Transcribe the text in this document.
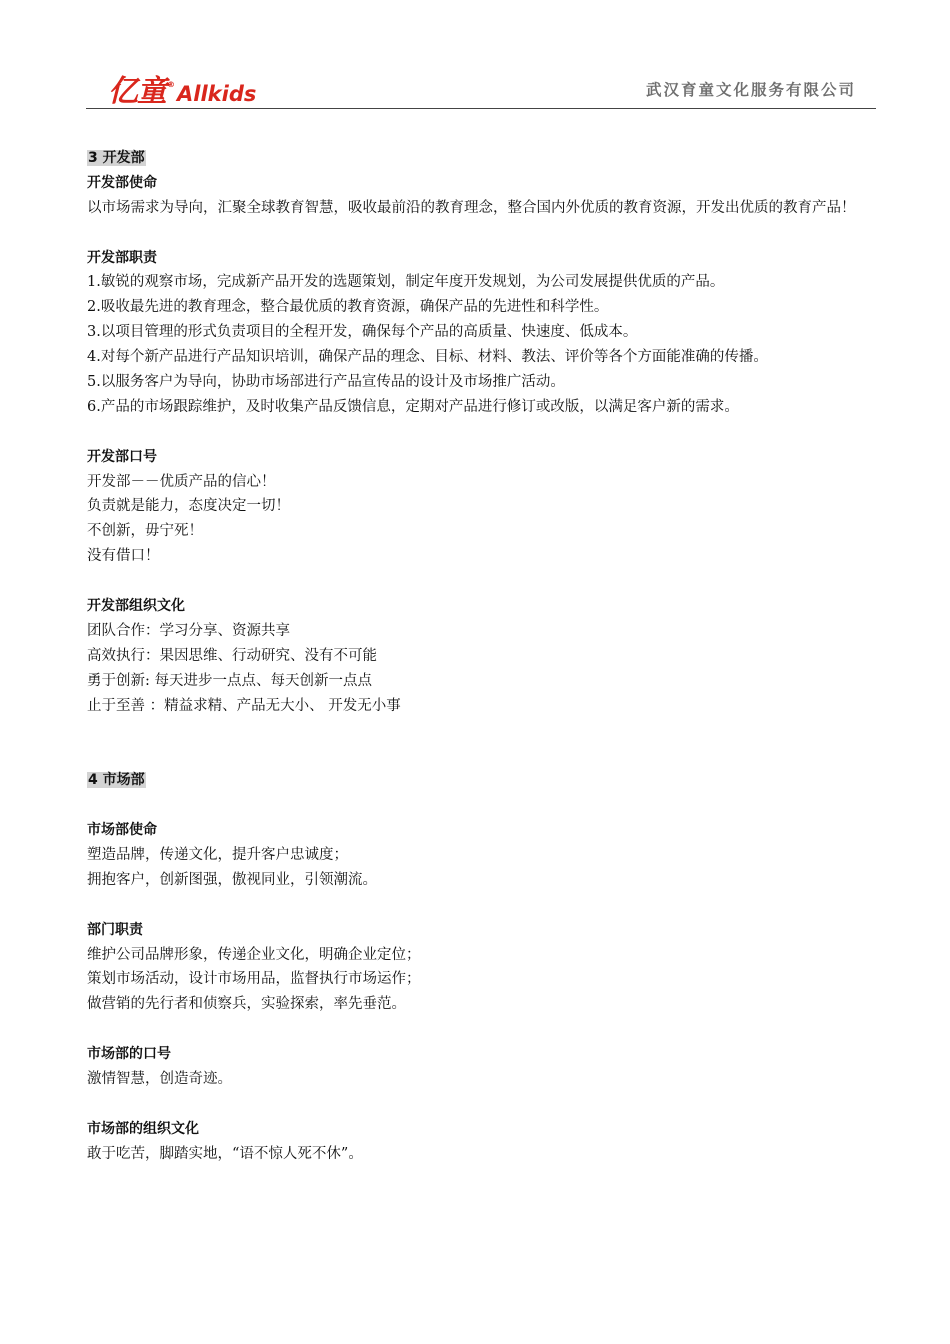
亿童 ® Allkids	武汉育童文化服务有限公司
3 开发部
开发部使命
以市场需求为导向，汇聚全球教育智慧，吸收最前沿的教育理念，整合国内外优质的教育资源，开发出优质的教育产品！
开发部职责
1.敏锐的观察市场，完成新产品开发的选题策划，制定年度开发规划，为公司发展提供优质的产品。
2.吸收最先进的教育理念，整合最优质的教育资源，确保产品的先进性和科学性。
3.以项目管理的形式负责项目的全程开发，确保每个产品的高质量、快速度、低成本。
4.对每个新产品进行产品知识培训，确保产品的理念、目标、材料、教法、评价等各个方面能准确的传播。
5.以服务客户为导向，协助市场部进行产品宣传品的设计及市场推广活动。
6.产品的市场跟踪维护，及时收集产品反馈信息，定期对产品进行修订或改版，以满足客户新的需求。
开发部口号
开发部－－优质产品的信心！
负责就是能力，态度决定一切！
不创新，毋宁死！
没有借口！
开发部组织文化
团队合作：学习分享、资源共享
高效执行：果因思维、行动研究、没有不可能
勇于创新: 每天进步一点点、每天创新一点点
止于至善 ：精益求精、产品无大小、 开发无小事
4 市场部
市场部使命
塑造品牌，传递文化，提升客户忠诚度；
拥抱客户，创新图强，傲视同业，引领潮流。
部门职责
维护公司品牌形象，传递企业文化，明确企业定位；
策划市场活动，设计市场用品，监督执行市场运作；
做营销的先行者和侦察兵，实验探索，率先垂范。
市场部的口号
激情智慧，创造奇迹。
市场部的组织文化
敢于吃苦，脚踏实地，“语不惊人死不休”。
